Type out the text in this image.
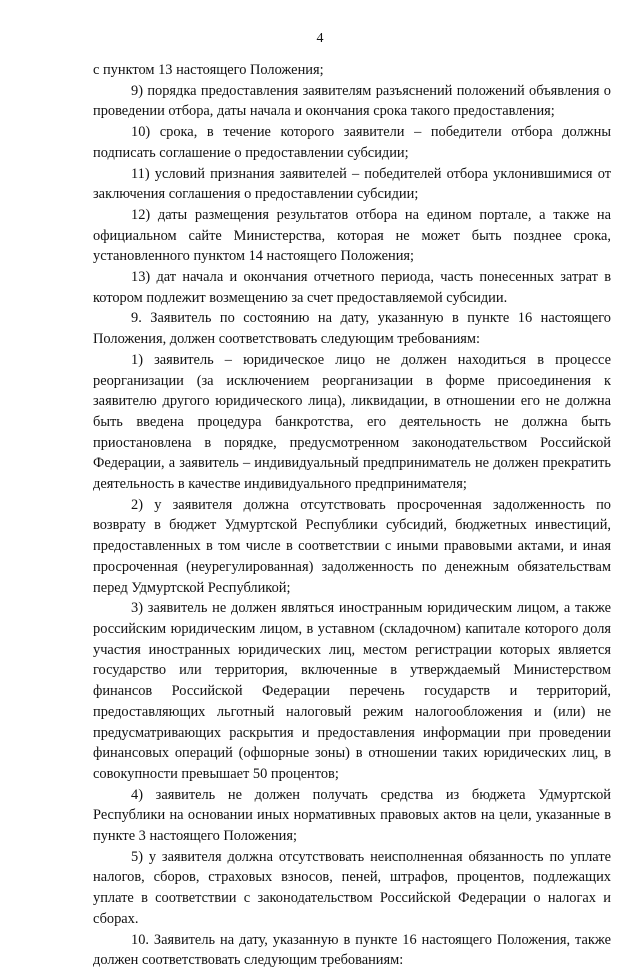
4

с пунктом 13 настоящего Положения;

9) порядка предоставления заявителям разъяснений положений объявления о проведении отбора, даты начала и окончания срока такого предоставления;

10) срока, в течение которого заявители – победители отбора должны подписать соглашение о предоставлении субсидии;

11) условий признания заявителей – победителей отбора уклонившимися от заключения соглашения о предоставлении субсидии;

12) даты размещения результатов отбора на едином портале, а также на официальном сайте Министерства, которая не может быть позднее срока, установленного пунктом 14 настоящего Положения;

13) дат начала и окончания отчетного периода, часть понесенных затрат в котором подлежит возмещению за счет предоставляемой субсидии.

9. Заявитель по состоянию на дату, указанную в пункте 16 настоящего Положения, должен соответствовать следующим требованиям:

1) заявитель – юридическое лицо не должен находиться в процессе реорганизации (за исключением реорганизации в форме присоединения к заявителю другого юридического лица), ликвидации, в отношении его не должна быть введена процедура банкротства, его деятельность не должна быть приостановлена в порядке, предусмотренном законодательством Российской Федерации, а заявитель – индивидуальный предприниматель не должен прекратить деятельность в качестве индивидуального предпринимателя;

2) у заявителя должна отсутствовать просроченная задолженность по возврату в бюджет Удмуртской Республики субсидий, бюджетных инвестиций, предоставленных в том числе в соответствии с иными правовыми актами, и иная просроченная (неурегулированная) задолженность по денежным обязательствам перед Удмуртской Республикой;

3) заявитель не должен являться иностранным юридическим лицом, а также российским юридическим лицом, в уставном (складочном) капитале которого доля участия иностранных юридических лиц, местом регистрации которых является государство или территория, включенные в утверждаемый Министерством финансов Российской Федерации перечень государств и территорий, предоставляющих льготный налоговый режим налогообложения и (или) не предусматривающих раскрытия и предоставления информации при проведении финансовых операций (офшорные зоны) в отношении таких юридических лиц, в совокупности превышает 50 процентов;

4) заявитель не должен получать средства из бюджета Удмуртской Республики на основании иных нормативных правовых актов на цели, указанные в пункте 3 настоящего Положения;

5) у заявителя должна отсутствовать неисполненная обязанность по уплате налогов, сборов, страховых взносов, пеней, штрафов, процентов, подлежащих уплате в соответствии с законодательством Российской Федерации о налогах и сборах.

10. Заявитель на дату, указанную в пункте 16 настоящего Положения, также должен соответствовать следующим требованиям:
